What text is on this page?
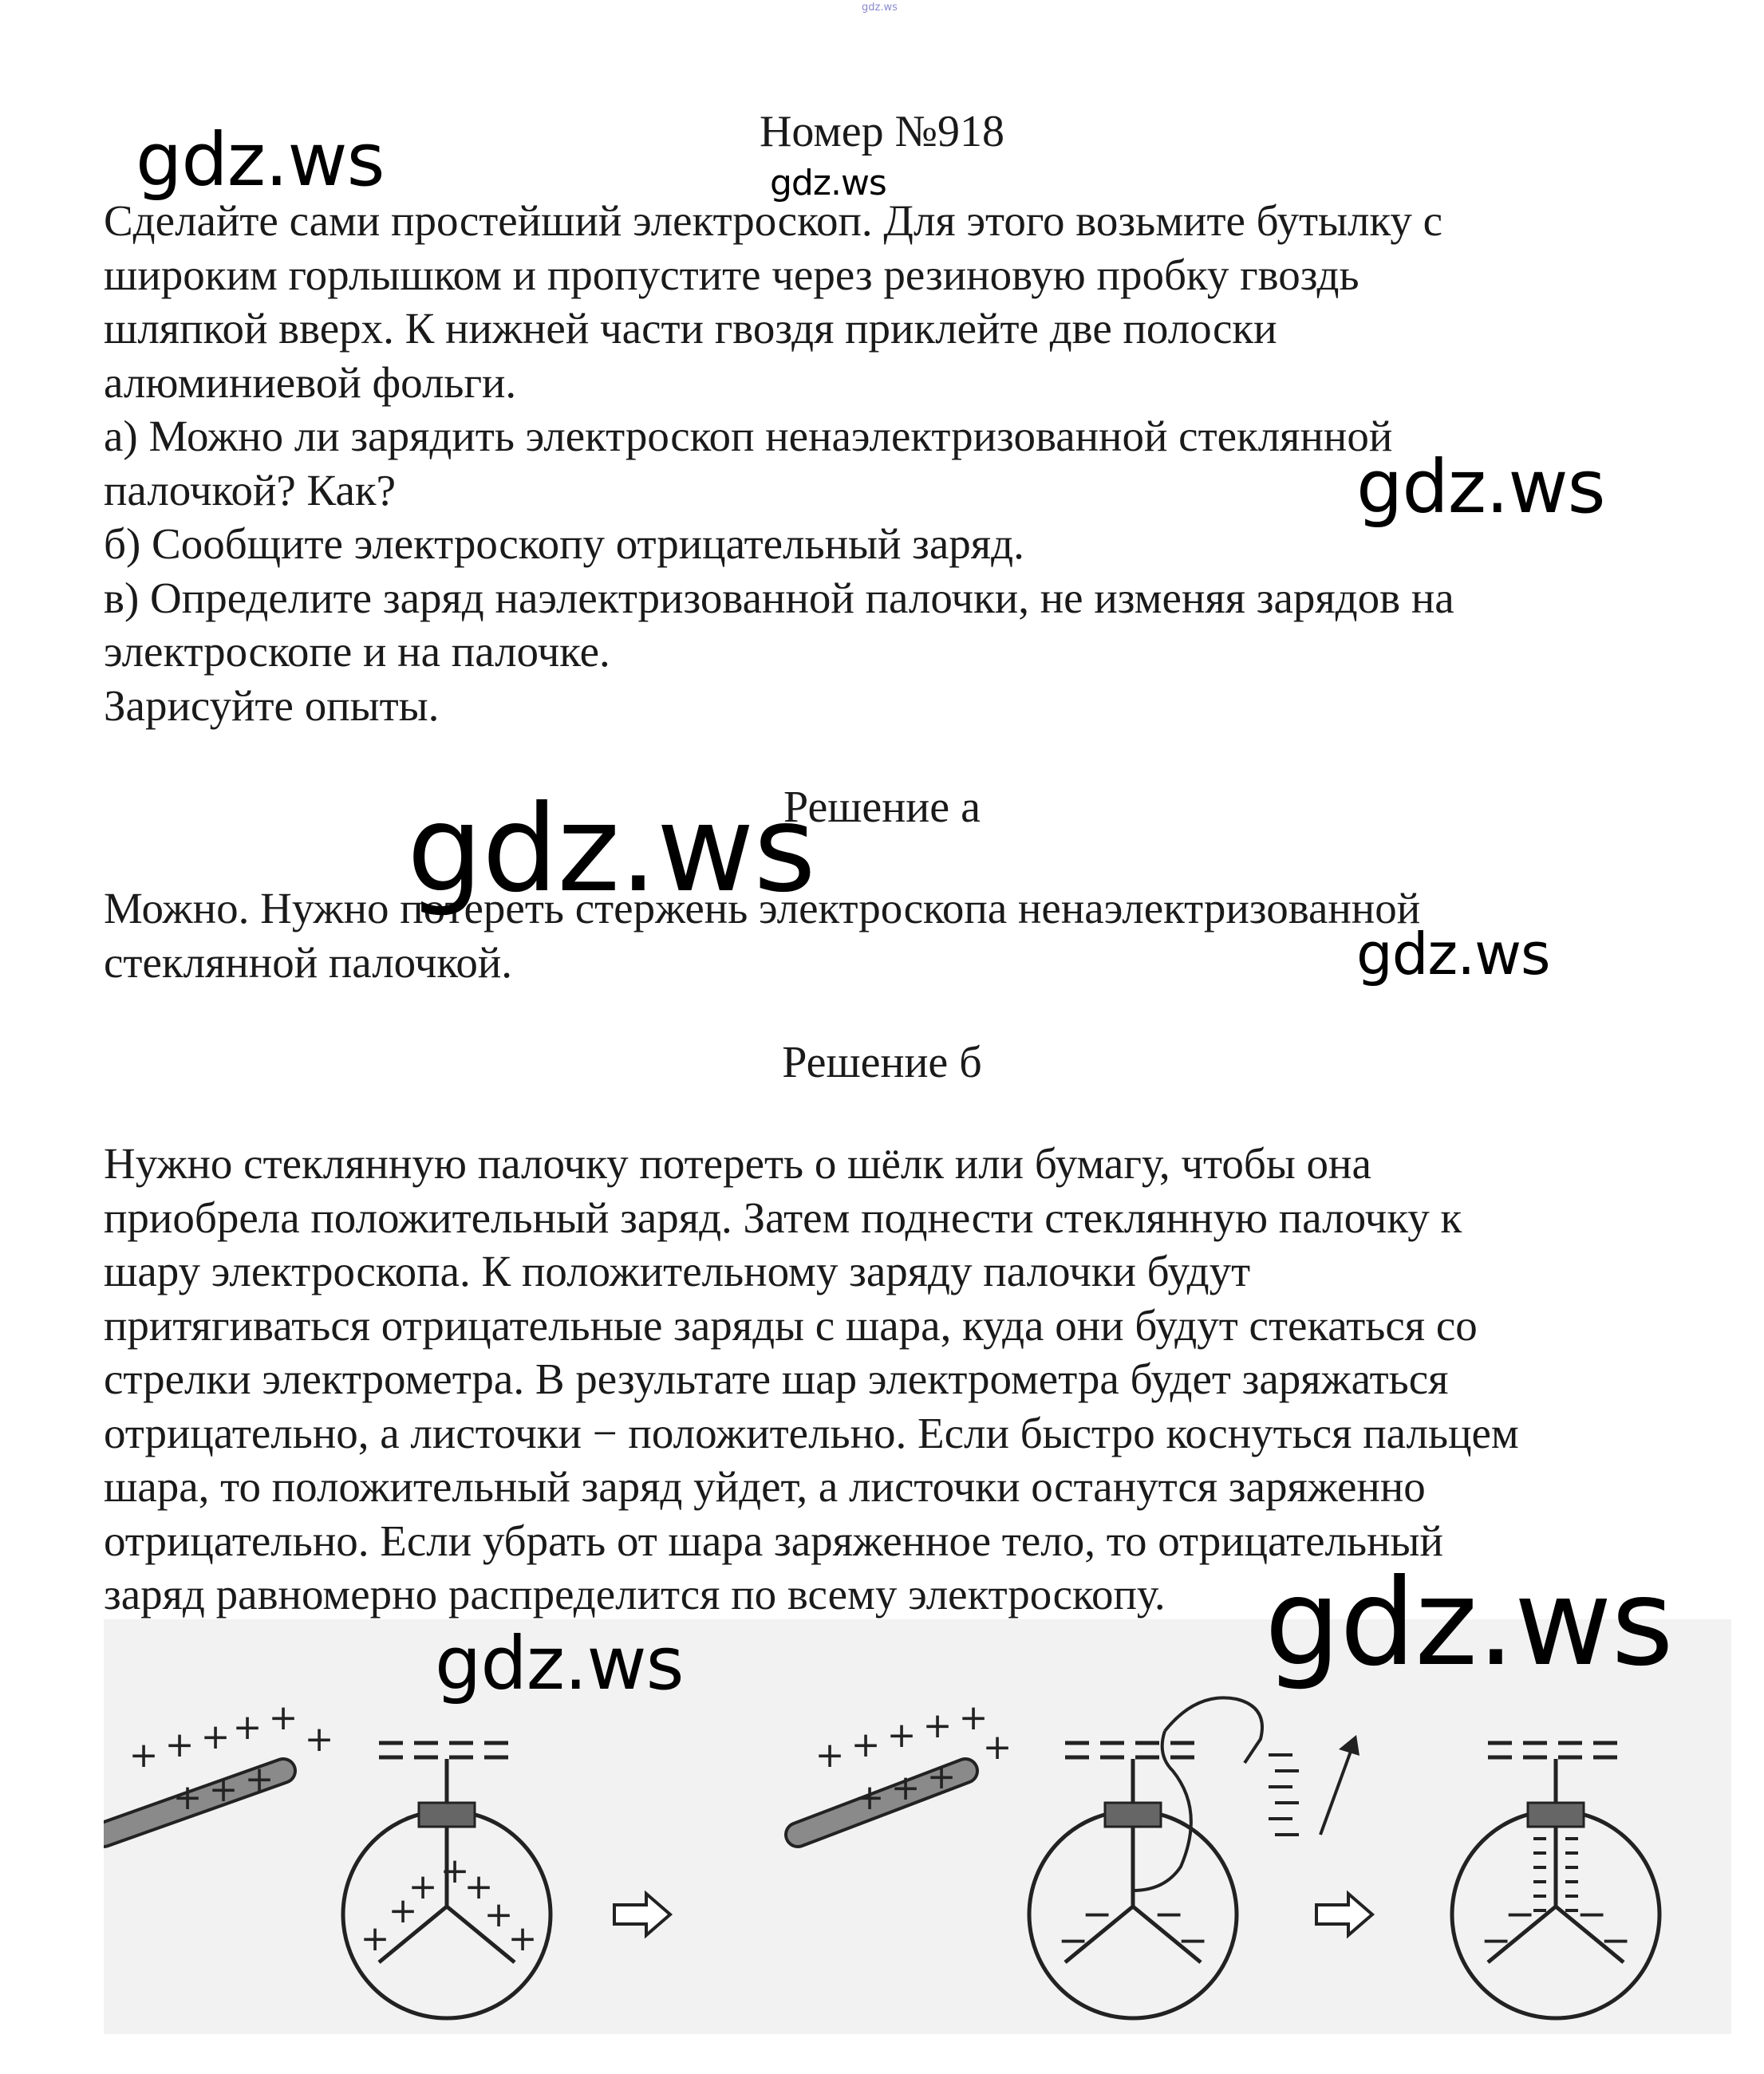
gdz.ws
Номер №918
Сделайте сами простейший электроскоп. Для этого возьмите бутылку с
широким горлышком и пропустите через резиновую пробку гвоздь
шляпкой вверх. К нижней части гвоздя приклейте две полоски
алюминиевой фольги.
а) Можно ли зарядить электроскоп ненаэлектризованной стеклянной
палочкой? Как?
б) Сообщите электроскопу отрицательный заряд.
в) Определите заряд наэлектризованной палочки, не изменяя зарядов на
электроскопе и на палочке.
Зарисуйте опыты.
Решение а
Можно. Нужно потереть стержень электроскопа ненаэлектризованной
стеклянной палочкой.
Решение б
Нужно стеклянную палочку потереть о шёлк или бумагу, чтобы она
приобрела положительный заряд. Затем поднести стеклянную палочку к
шару электроскопа. К положительному заряду палочки будут
притягиваться отрицательные заряды с шара, куда они будут стекаться со
стрелки электрометра. В результате шар электрометра будет заряжаться
отрицательно, а листочки − положительно. Если быстро коснуться пальцем
шара, то положительный заряд уйдет, а листочки останутся заряженно
отрицательно. Если убрать от шара заряженное тело, то отрицательный
заряд равномерно распределится по всему электроскопу.
+ + + + +
+
+ + +
+
+
+ +
+
+
+
+ + + + +
+
+ + +
− −
− −
− −
− −
gdz.ws	gdz.ws
gdz.ws
gdz.ws
gdz.ws
gdz.ws
gdz.ws
